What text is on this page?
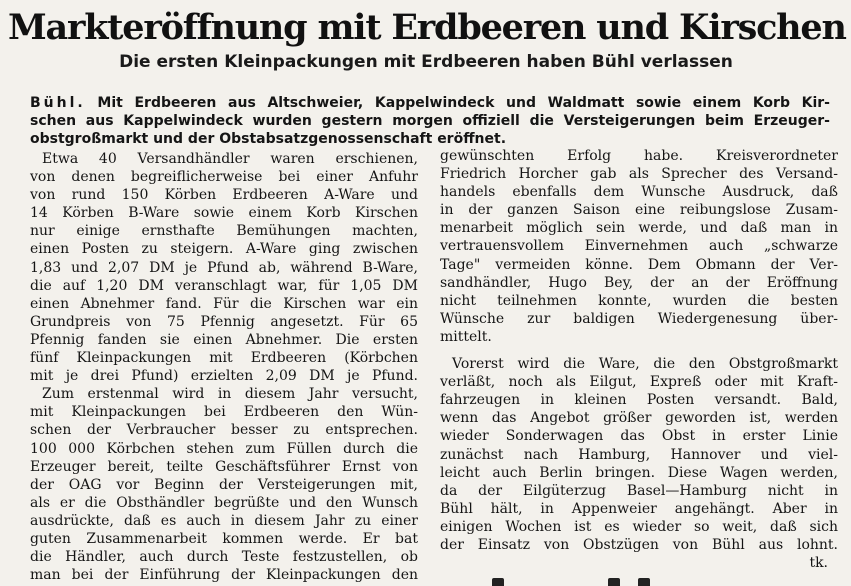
Markteröffnung mit Erdbeeren und Kirschen
Die ersten Kleinpackungen mit Erdbeeren haben Bühl verlassen

Bühl. Mit Erdbeeren aus Altschweier, Kappelwindeck und Waldmatt sowie einem Korb Kir-
schen aus Kappelwindeck wurden gestern morgen offiziell die Versteigerungen beim Erzeuger-
obstgroßmarkt und der Obstabsatzgenossenschaft eröffnet.

Etwa 40 Versandhändler waren erschienen,
von denen begreiflicherweise bei einer Anfuhr
von rund 150 Körben Erdbeeren A-Ware und
14 Körben B-Ware sowie einem Korb Kirschen
nur einige ernsthafte Bemühungen machten,
einen Posten zu steigern. A-Ware ging zwischen
1,83 und 2,07 DM je Pfund ab, während B-Ware,
die auf 1,20 DM veranschlagt war, für 1,05 DM
einen Abnehmer fand. Für die Kirschen war ein
Grundpreis von 75 Pfennig angesetzt. Für 65
Pfennig fanden sie einen Abnehmer. Die ersten
fünf Kleinpackungen mit Erdbeeren (Körbchen
mit je drei Pfund) erzielten 2,09 DM je Pfund.
Zum erstenmal wird in diesem Jahr versucht,
mit Kleinpackungen bei Erdbeeren den Wün-
schen der Verbraucher besser zu entsprechen.
100 000 Körbchen stehen zum Füllen durch die
Erzeuger bereit, teilte Geschäftsführer Ernst von
der OAG vor Beginn der Versteigerungen mit,
als er die Obsthändler begrüßte und den Wunsch
ausdrückte, daß es auch in diesem Jahr zu einer
guten Zusammenarbeit kommen werde. Er bat
die Händler, auch durch Teste festzustellen, ob
man bei der Einführung der Kleinpackungen den
gewünschten Erfolg habe. Kreisverordneter
Friedrich Horcher gab als Sprecher des Versand-
handels ebenfalls dem Wunsche Ausdruck, daß
in der ganzen Saison eine reibungslose Zusam-
menarbeit möglich sein werde, und daß man in
vertrauensvollem Einvernehmen auch „schwarze
Tage" vermeiden könne. Dem Obmann der Ver-
sandhändler, Hugo Bey, der an der Eröffnung
nicht teilnehmen konnte, wurden die besten
Wünsche zur baldigen Wiedergenesung über-
mittelt.
Vorerst wird die Ware, die den Obstgroßmarkt
verläßt, noch als Eilgut, Expreß oder mit Kraft-
fahrzeugen in kleinen Posten versandt. Bald,
wenn das Angebot größer geworden ist, werden
wieder Sonderwagen das Obst in erster Linie
zunächst nach Hamburg, Hannover und viel-
leicht auch Berlin bringen. Diese Wagen werden,
da der Eilgüterzug Basel—Hamburg nicht in
Bühl hält, in Appenweier angehängt. Aber in
einigen Wochen ist es wieder so weit, daß sich
der Einsatz von Obstzügen von Bühl aus lohnt.
tk.
